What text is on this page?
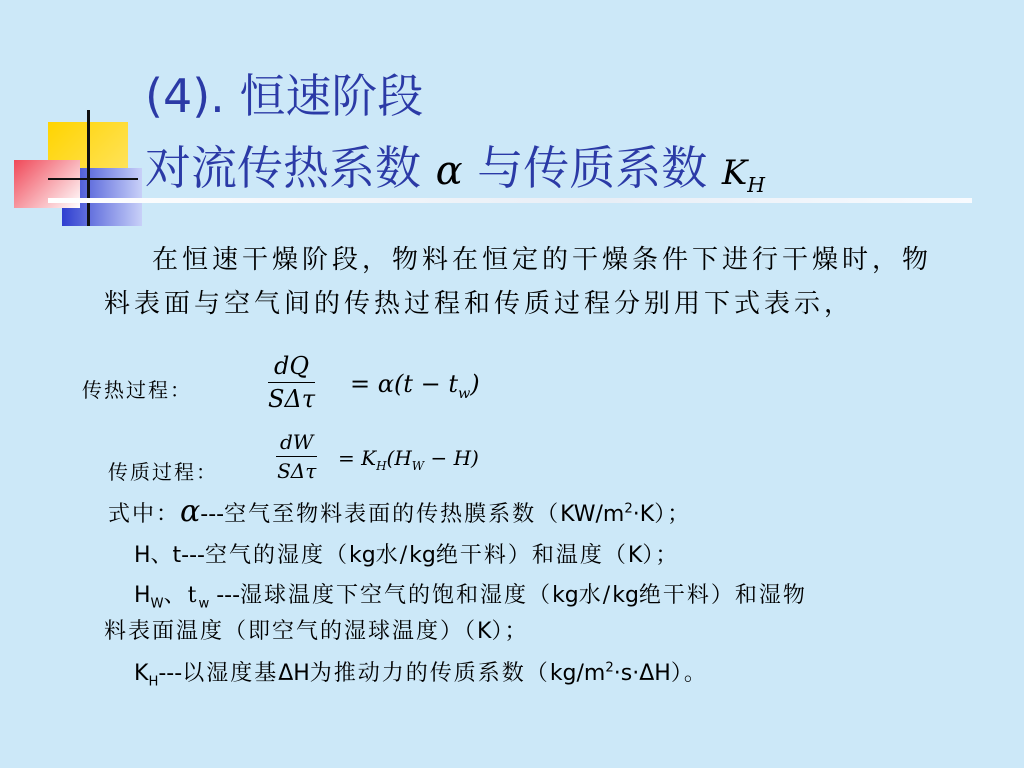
(4). 恒速阶段
对流传热系数 α 与传质系数 $K_H$
在恒速干燥阶段，物料在恒定的干燥条件下进行干燥时，物料表面与空气间的传热过程和传质过程分别用下式表示，
传热过程：
dQ
SΔτ
= $\alpha(t - t_w)$
传质过程：
dW
SΔτ
= $K_H(H_W - H)$
式中：α---空气至物料表面的传热膜系数$(KW/m^2\cdot K)$；
H、t---空气的湿度（kg水/kg绝干料）和温度（K）；
$H_W$、$t_w$ ---湿球温度下空气的饱和湿度（kg水/kg绝干料）和湿物
料表面温度（即空气的湿球温度）（K）；
$K_H---$以湿度基ΔH为推动力的传质系数$(kg/m^2\cdot s\cdot\Delta H)$。
